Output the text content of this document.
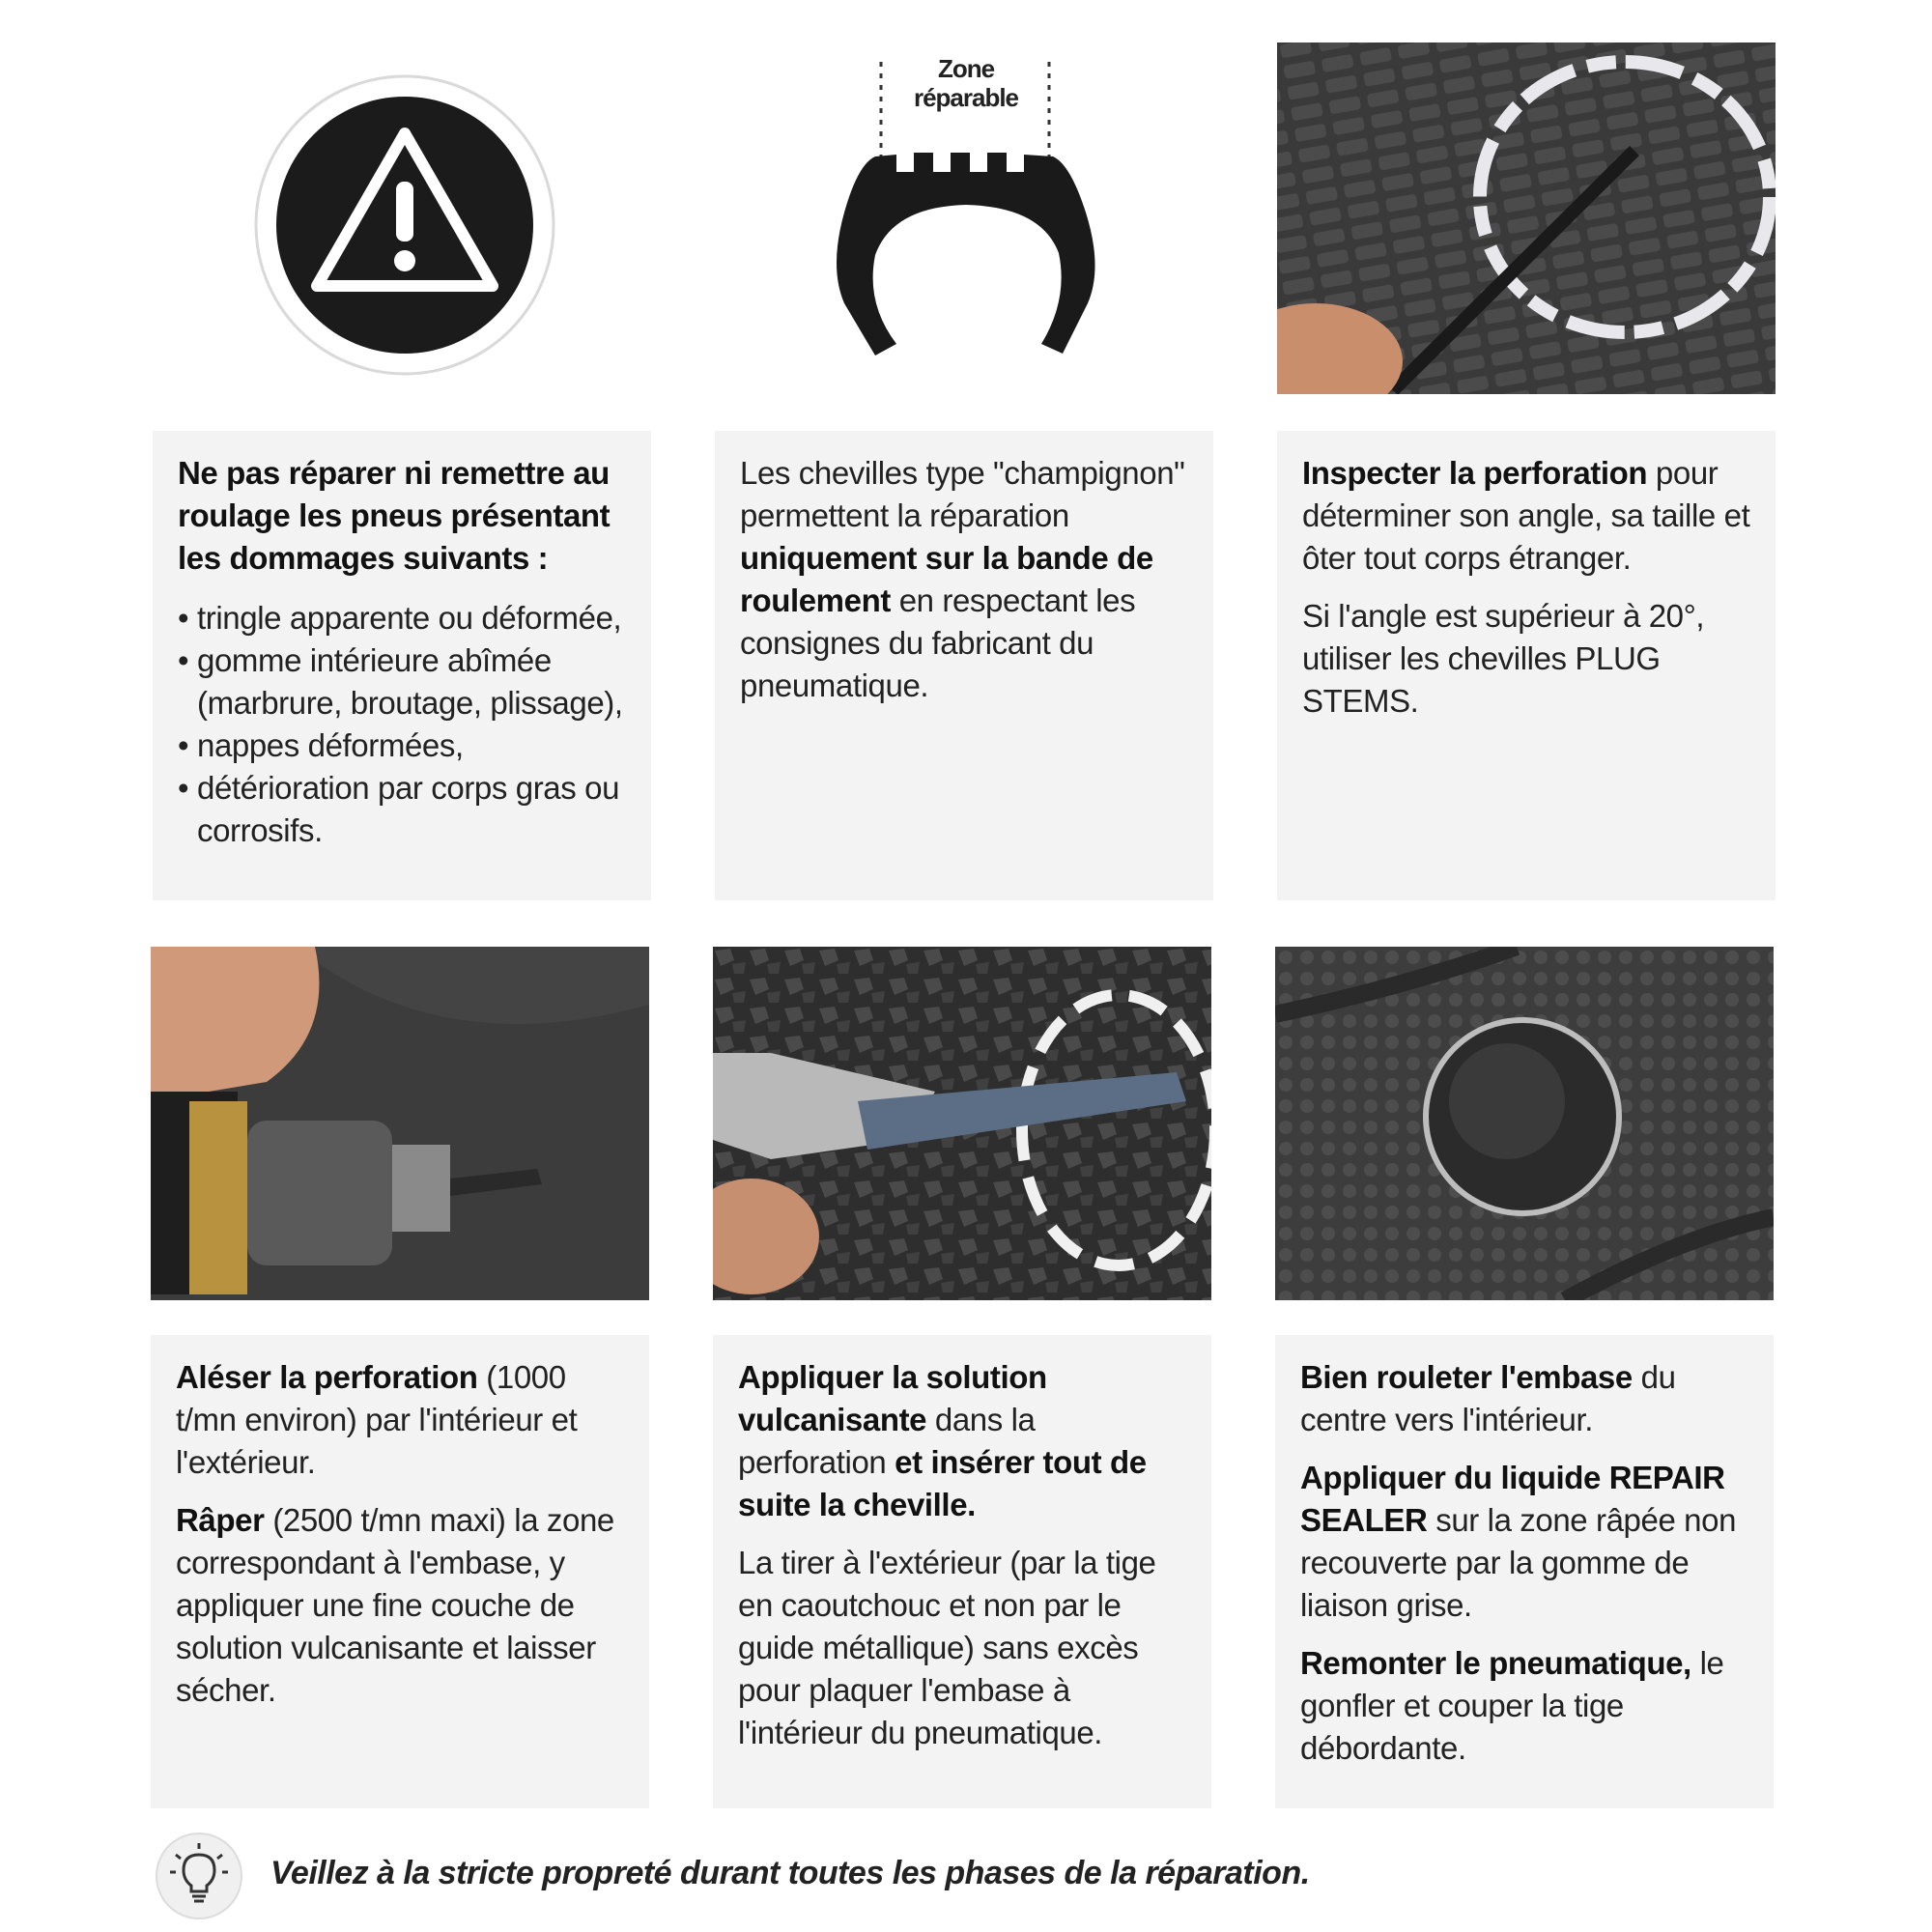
Zone
réparable

Ne pas réparer ni remettre au roulage les pneus présentant les dommages suivants :

• tringle apparente ou déformée,
• gomme intérieure abîmée (marbrure, broutage, plissage),
• nappes déformées,
• détérioration par corps gras ou corrosifs.

Les chevilles type "champignon" permettent la réparation uniquement sur la bande de roulement en respectant les consignes du fabricant du pneumatique.

Inspecter la perforation pour déterminer son angle, sa taille et ôter tout corps étranger.

Si l'angle est supérieur à 20°, utiliser les chevilles PLUG STEMS.

Aléser la perforation (1000 t/mn environ) par l'intérieur et l'extérieur.

Râper (2500 t/mn maxi) la zone correspondant à l'embase, y appliquer une fine couche de solution vulcanisante et laisser sécher.

Appliquer la solution vulcanisante dans la perforation et insérer tout de suite la cheville.

La tirer à l'extérieur (par la tige en caoutchouc et non par le guide métallique) sans excès pour plaquer l'embase à l'intérieur du pneumatique.

Bien rouleter l'embase du centre vers l'intérieur.

Appliquer du liquide REPAIR SEALER sur la zone râpée non recouverte par la gomme de liaison grise.

Remonter le pneumatique, le gonfler et couper la tige débordante.

Veillez à la stricte propreté durant toutes les phases de la réparation.
